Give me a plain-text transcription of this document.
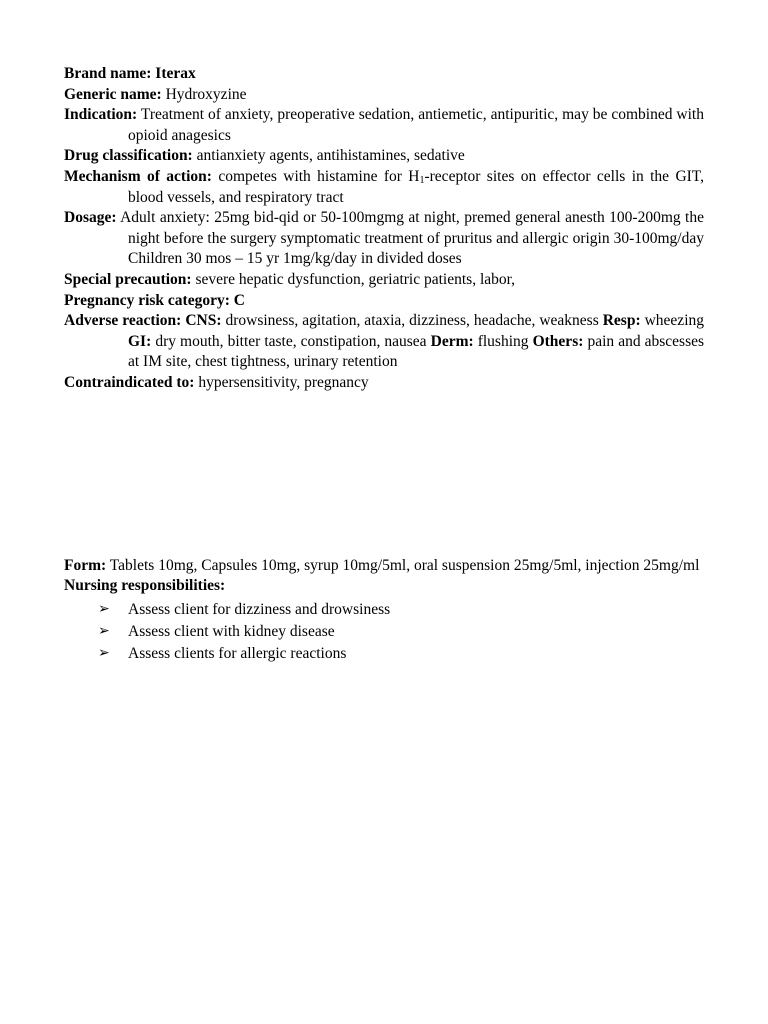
Brand name: Iterax
Generic name: Hydroxyzine
Indication: Treatment of anxiety, preoperative sedation, antiemetic, antipuritic, may be combined with opioid anagesics
Drug classification: antianxiety agents, antihistamines, sedative
Mechanism of action: competes with histamine for $H_1$-receptor sites on effector cells in the GIT, blood vessels, and respiratory tract
Dosage: Adult anxiety: 25mg bid-qid or 50-100mgmg at night, premed general anesth 100-200mg the night before the surgery symptomatic treatment of pruritus and allergic origin 30-100mg/day Children 30 mos – 15 yr 1mg/kg/day in divided doses
Special precaution: severe hepatic dysfunction, geriatric patients, labor,
Pregnancy risk category: C
Adverse reaction: CNS: drowsiness, agitation, ataxia, dizziness, headache, weakness Resp: wheezing GI: dry mouth, bitter taste, constipation, nausea Derm: flushing Others: pain and abscesses at IM site, chest tightness, urinary retention
Contraindicated to: hypersensitivity, pregnancy
Form: Tablets 10mg, Capsules 10mg, syrup 10mg/5ml, oral suspension 25mg/5ml, injection 25mg/ml
Nursing responsibilities:
➢ Assess client for dizziness and drowsiness
➢ Assess client with kidney disease
➢ Assess clients for allergic reactions
